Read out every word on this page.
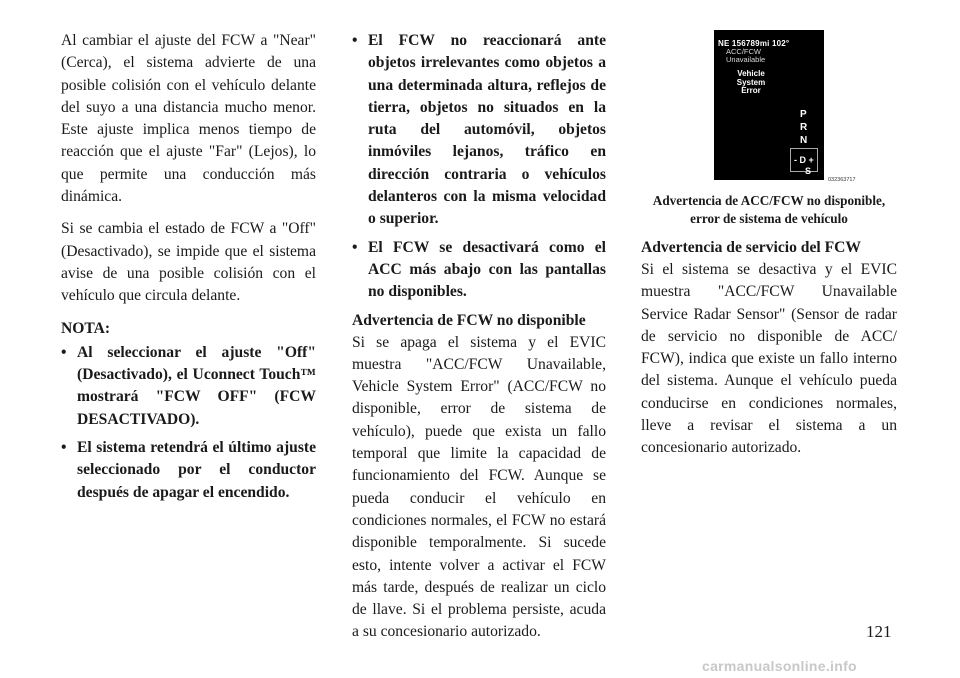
Al cambiar el ajuste del FCW a "Near" (Cerca), el sistema advierte de una posible colisión con el vehículo delante del suyo a una distancia mucho menor. Este ajuste implica menos tiempo de reacción que el ajuste "Far" (Lejos), lo que permite una conducción más dinámica.

Si se cambia el estado de FCW a "Off" (Desactivado), se impide que el sistema avise de una posible colisión con el vehículo que circula delante.

NOTA:
• Al seleccionar el ajuste "Off" (Desactivado), el Uconnect Touch™ mostrará "FCW OFF" (FCW DESACTIVADO).
• El sistema retendrá el último ajuste seleccionado por el conductor después de apagar el encendido.
• El FCW no reaccionará ante objetos irrelevantes como objetos a una determinada altura, reflejos de tierra, objetos no situados en la ruta del automóvil, objetos inmóviles lejanos, tráfico en dirección contraria o vehículos delanteros con la misma velocidad o superior.
• El FCW se desactivará como el ACC más abajo con las pantallas no disponibles.
Advertencia de FCW no disponible

Si se apaga el sistema y el EVIC muestra "ACC/FCW Unavailable, Vehicle System Error" (ACC/FCW no disponible, error de sistema de vehículo), puede que exista un fallo temporal que limite la capacidad de funcionamiento del FCW. Aunque se pueda conducir el vehículo en condiciones normales, el FCW no estará disponible temporalmente. Si sucede esto, intente volver a activar el FCW más tarde, después de realizar un ciclo de llave. Si el problema persiste, acuda a su concesionario autorizado.

NE 156789mi 102°
ACC/FCW
Unavailable
Vehicle
System
Error
P
R
N
- D +
S
032363717
Advertencia de ACC/FCW no disponible, error de sistema de vehículo
Advertencia de servicio del FCW

Si el sistema se desactiva y el EVIC muestra "ACC/FCW Unavailable Service Radar Sensor" (Sensor de radar de servicio no disponible de ACC/ FCW), indica que existe un fallo interno del sistema. Aunque el vehículo pueda conducirse en condiciones normales, lleve a revisar el sistema a un concesionario autorizado.

121
carmanualsonline.info
